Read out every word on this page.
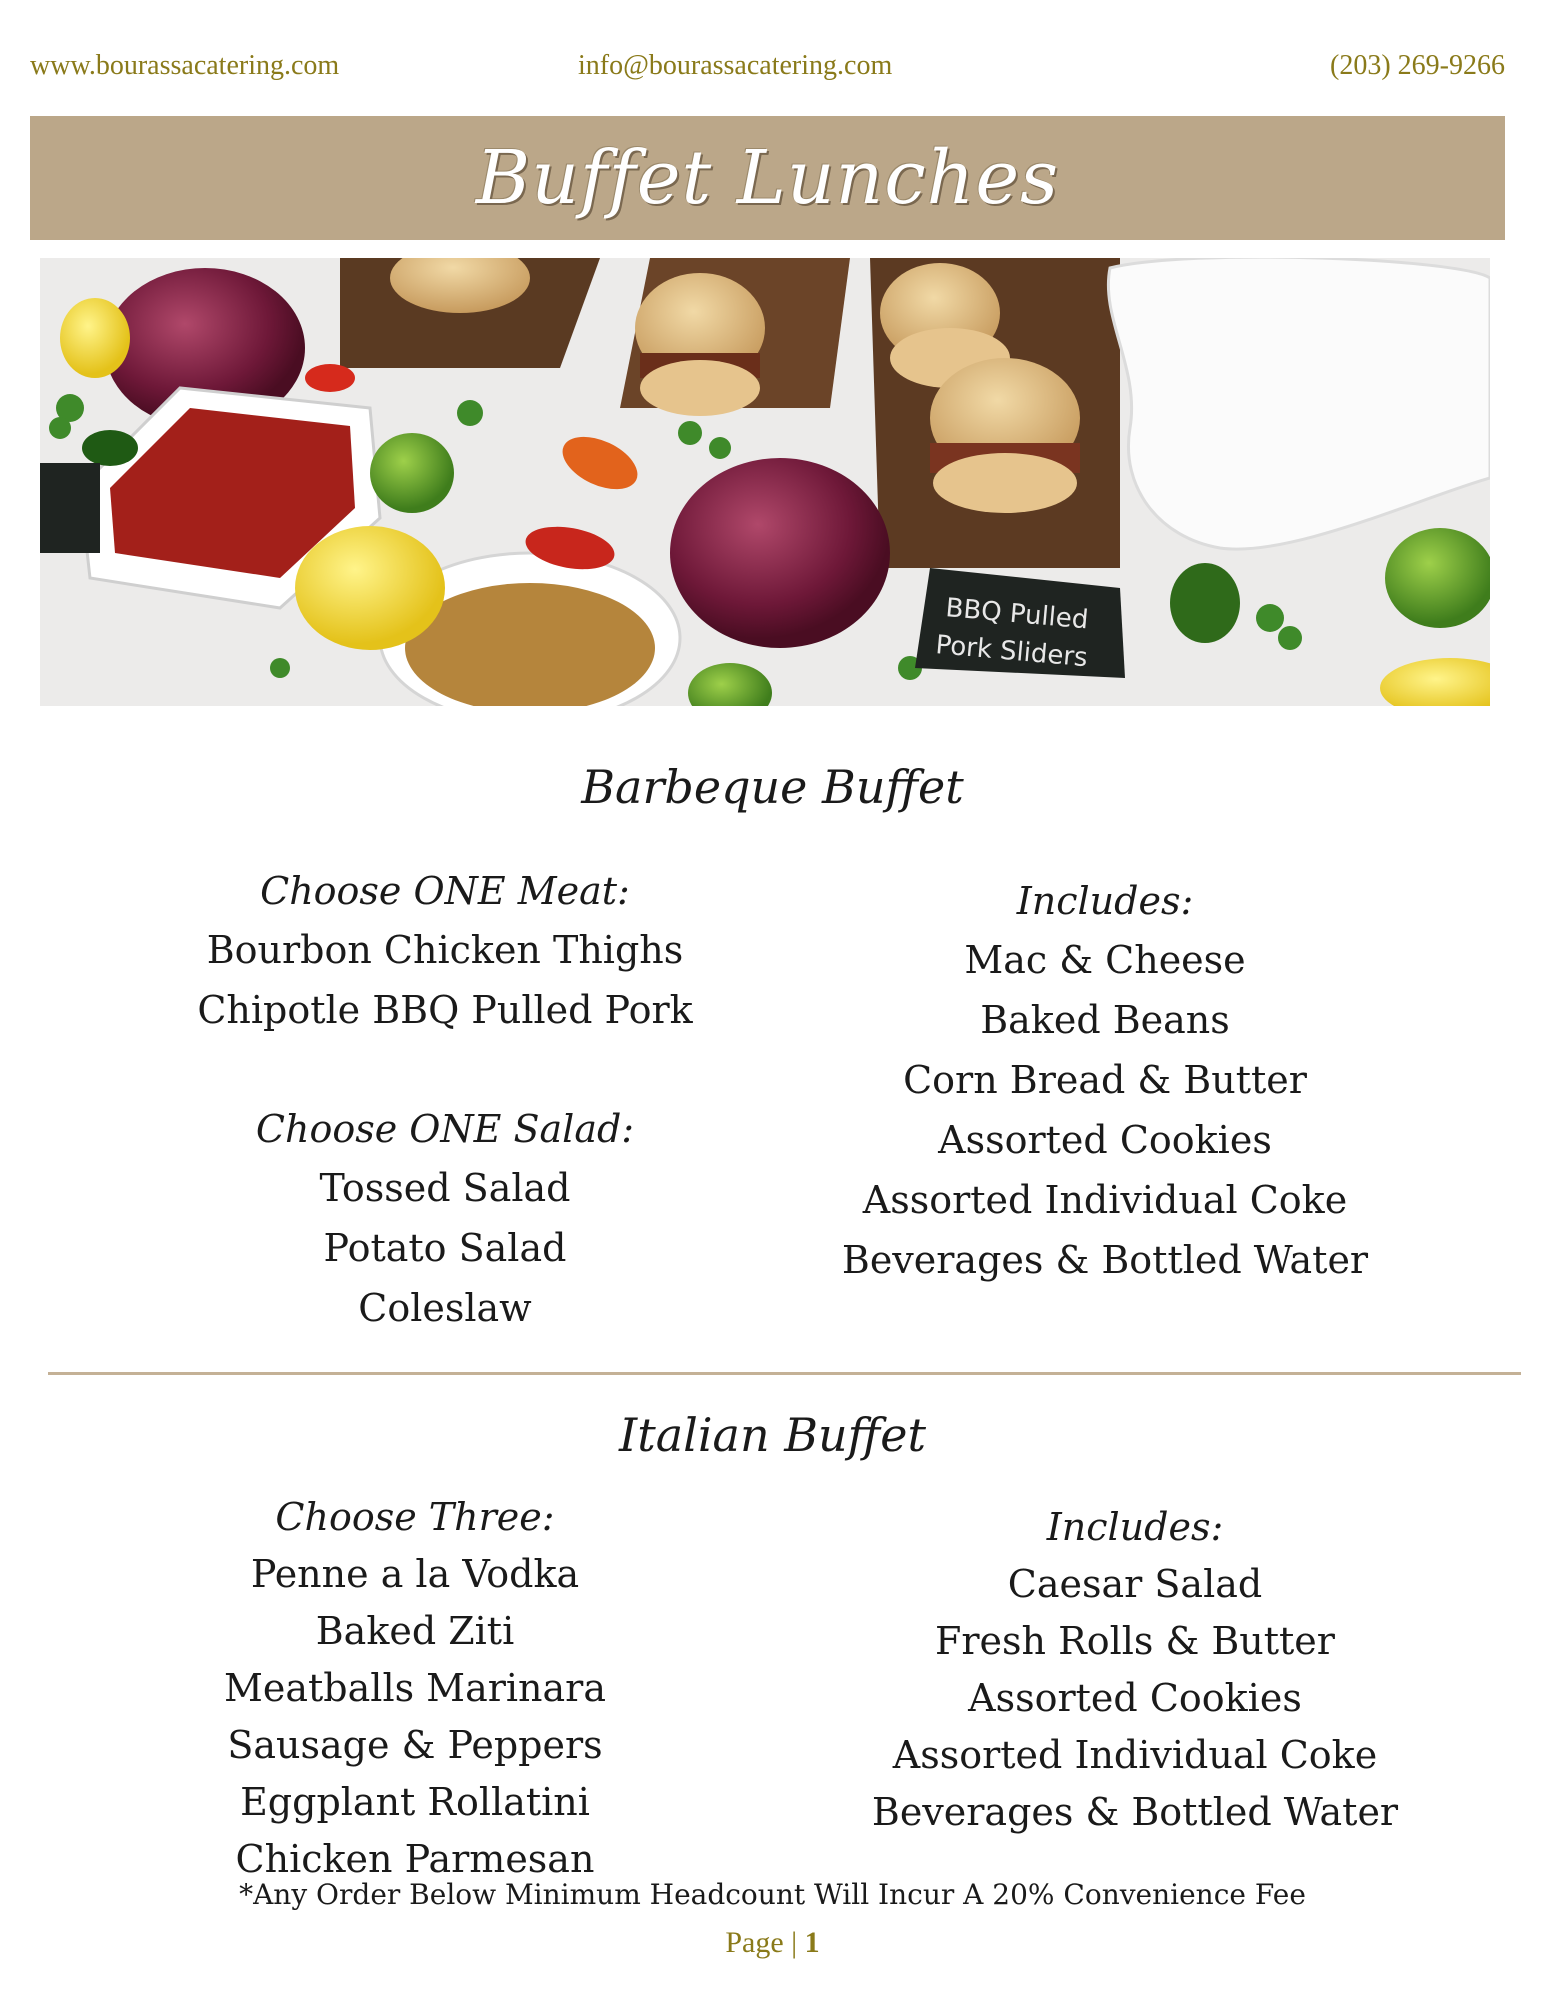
www.bourassacatering.com	info@bourassacatering.com	(203) 269-9266
Buffet Lunches
BBQ Pulled
Pork Sliders
Barbeque Buffet
Choose ONE Meat:
Bourbon Chicken Thighs
Chipotle BBQ Pulled Pork
Choose ONE Salad:
Tossed Salad
Potato Salad
Coleslaw
Includes:
Mac & Cheese
Baked Beans
Corn Bread & Butter
Assorted Cookies
Assorted Individual Coke
Beverages & Bottled Water
Italian Buffet
Choose Three:
Penne a la Vodka
Baked Ziti
Meatballs Marinara
Sausage & Peppers
Eggplant Rollatini
Chicken Parmesan
Includes:
Caesar Salad
Fresh Rolls & Butter
Assorted Cookies
Assorted Individual Coke
Beverages & Bottled Water
*Any Order Below Minimum Headcount Will Incur A 20% Convenience Fee
Page | 1
